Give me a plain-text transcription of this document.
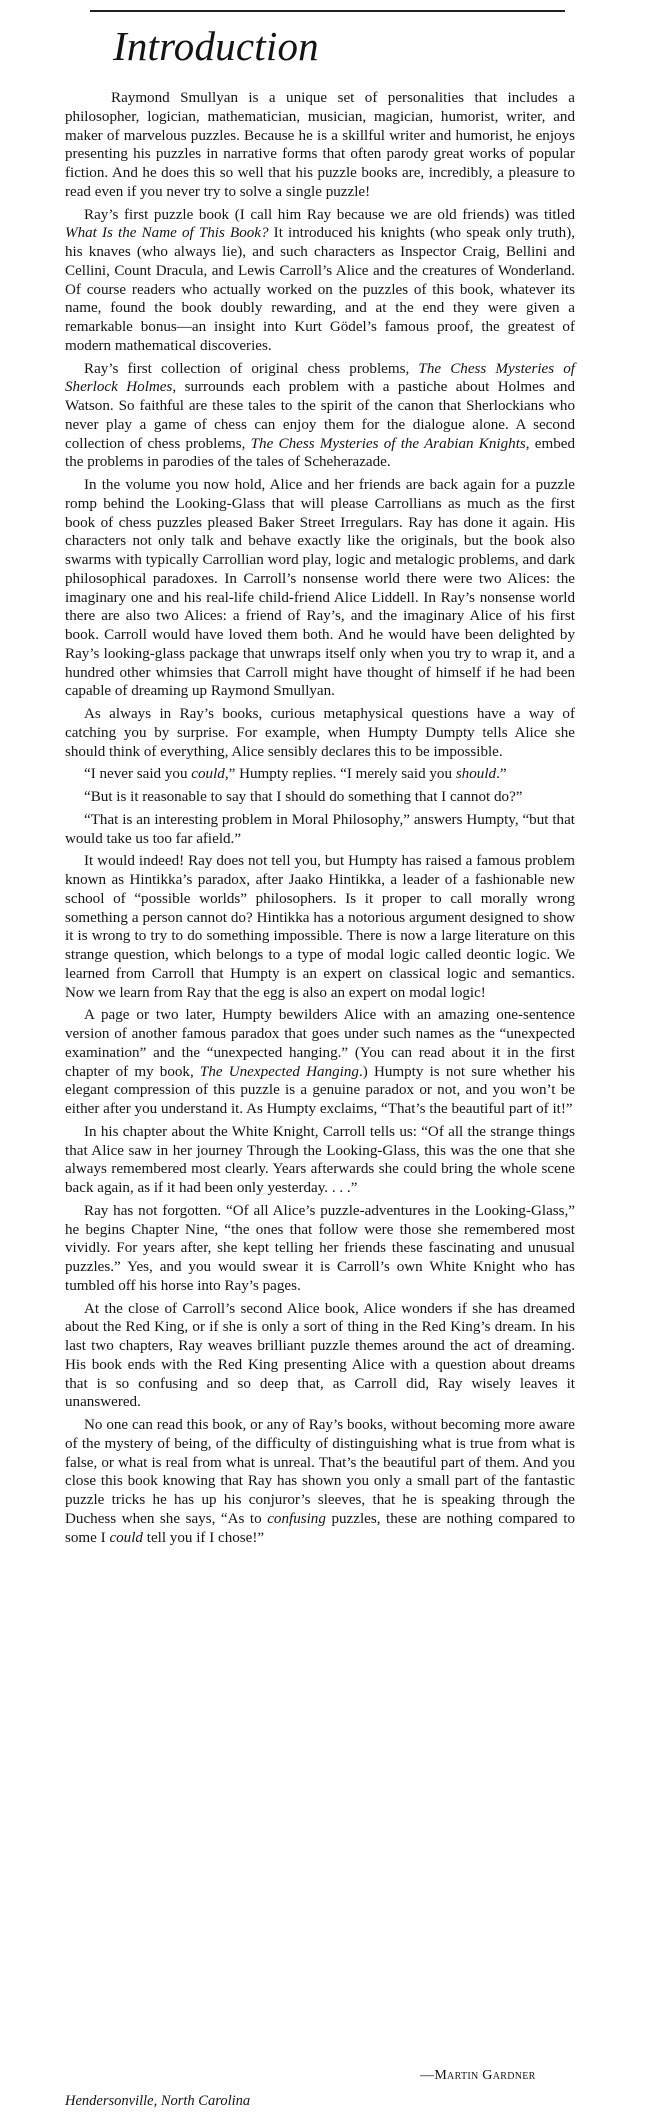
Introduction

Raymond Smullyan is a unique set of personalities that includes a philosopher, logician, mathematician, musician, magician, humorist, writer, and maker of marvelous puzzles. Because he is a skillful writer and humorist, he enjoys presenting his puzzles in narrative forms that often parody great works of popular fiction. And he does this so well that his puzzle books are, incredibly, a pleasure to read even if you never try to solve a single puzzle!

Ray’s first puzzle book (I call him Ray because we are old friends) was titled What Is the Name of This Book? It introduced his knights (who speak only truth), his knaves (who always lie), and such characters as Inspector Craig, Bellini and Cellini, Count Dracula, and Lewis Carroll’s Alice and the creatures of Wonderland. Of course readers who actually worked on the puzzles of this book, whatever its name, found the book doubly rewarding, and at the end they were given a remarkable bonus—an insight into Kurt Gödel’s famous proof, the greatest of modern mathematical discoveries.

Ray’s first collection of original chess problems, The Chess Mysteries of Sherlock Holmes, surrounds each problem with a pastiche about Holmes and Watson. So faithful are these tales to the spirit of the canon that Sherlockians who never play a game of chess can enjoy them for the dialogue alone. A second collection of chess problems, The Chess Mysteries of the Arabian Knights, embed the problems in parodies of the tales of Scheherazade.

In the volume you now hold, Alice and her friends are back again for a puzzle romp behind the Looking-Glass that will please Carrollians as much as the first book of chess puzzles pleased Baker Street Irregulars. Ray has done it again. His characters not only talk and behave exactly like the originals, but the book also swarms with typically Carrollian word play, logic and metalogic problems, and dark philosophical paradoxes. In Carroll’s nonsense world there were two Alices: the imaginary one and his real-life child-friend Alice Liddell. In Ray’s nonsense world there are also two Alices: a friend of Ray’s, and the imaginary Alice of his first book. Carroll would have loved them both. And he would have been delighted by Ray’s looking-glass package that unwraps itself only when you try to wrap it, and a hundred other whimsies that Carroll might have thought of himself if he had been capable of dreaming up Raymond Smullyan.

As always in Ray’s books, curious metaphysical questions have a way of catching you by surprise. For example, when Humpty Dumpty tells Alice she should think of everything, Alice sensibly declares this to be impossible.

“I never said you could,” Humpty replies. “I merely said you should.”

“But is it reasonable to say that I should do something that I cannot do?”

“That is an interesting problem in Moral Philosophy,” answers Humpty, “but that would take us too far afield.”

It would indeed! Ray does not tell you, but Humpty has raised a famous problem known as Hintikka’s paradox, after Jaako Hintikka, a leader of a fashionable new school of “possible worlds” philosophers. Is it proper to call morally wrong something a person cannot do? Hintikka has a notorious argument designed to show it is wrong to try to do something impossible. There is now a large literature on this strange question, which belongs to a type of modal logic called deontic logic. We learned from Carroll that Humpty is an expert on classical logic and semantics. Now we learn from Ray that the egg is also an expert on modal logic!

A page or two later, Humpty bewilders Alice with an amazing one-sentence version of another famous paradox that goes under such names as the “unexpected examination” and the “unexpected hanging.” (You can read about it in the first chapter of my book, The Unexpected Hanging.) Humpty is not sure whether his elegant compression of this puzzle is a genuine paradox or not, and you won’t be either after you understand it. As Humpty exclaims, “That’s the beautiful part of it!”

In his chapter about the White Knight, Carroll tells us: “Of all the strange things that Alice saw in her journey Through the Looking-Glass, this was the one that she always remembered most clearly. Years afterwards she could bring the whole scene back again, as if it had been only yesterday. . . .”

Ray has not forgotten. “Of all Alice’s puzzle-adventures in the Looking-Glass,” he begins Chapter Nine, “the ones that follow were those she remembered most vividly. For years after, she kept telling her friends these fascinating and unusual puzzles.” Yes, and you would swear it is Carroll’s own White Knight who has tumbled off his horse into Ray’s pages.

At the close of Carroll’s second Alice book, Alice wonders if she has dreamed about the Red King, or if she is only a sort of thing in the Red King’s dream. In his last two chapters, Ray weaves brilliant puzzle themes around the act of dreaming. His book ends with the Red King presenting Alice with a question about dreams that is so confusing and so deep that, as Carroll did, Ray wisely leaves it unanswered.

No one can read this book, or any of Ray’s books, without becoming more aware of the mystery of being, of the difficulty of distinguishing what is true from what is false, or what is real from what is unreal. That’s the beautiful part of them. And you close this book knowing that Ray has shown you only a small part of the fantastic puzzle tricks he has up his conjuror’s sleeves, that he is speaking through the Duchess when she says, “As to confusing puzzles, these are nothing compared to some I could tell you if I chose!”

—Martin Gardner
Hendersonville, North Carolina
